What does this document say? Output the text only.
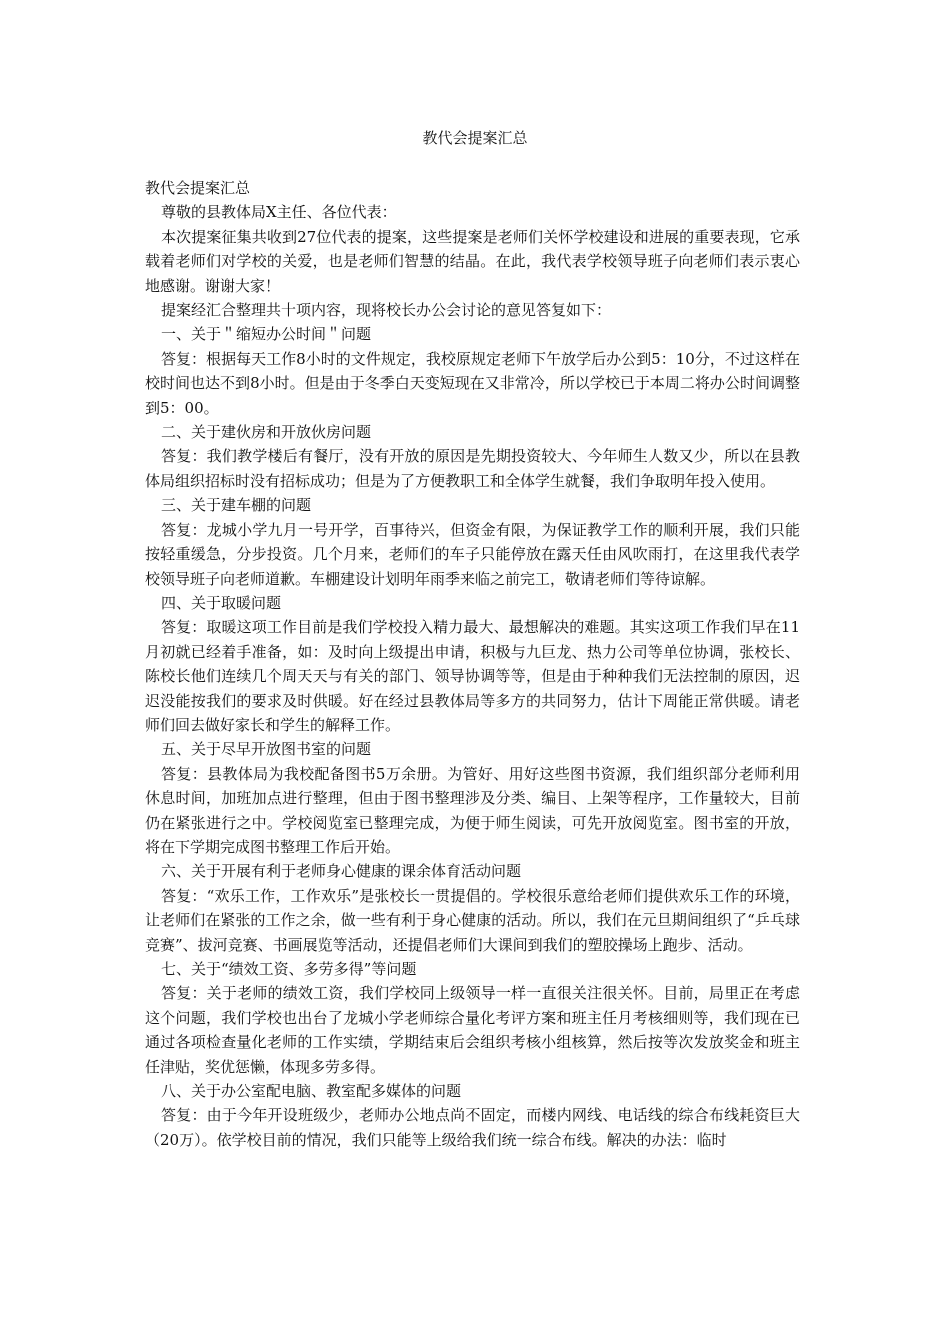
教代会提案汇总

教代会提案汇总

尊敬的县教体局X主任、各位代表：

本次提案征集共收到27位代表的提案，这些提案是老师们关怀学校建设和进展的重要表现，它承载着老师们对学校的关爱，也是老师们智慧的结晶。在此，我代表学校领导班子向老师们表示衷心地感谢。谢谢大家！

提案经汇合整理共十项内容，现将校长办公会讨论的意见答复如下：

一、关于＂缩短办公时间＂问题

答复：根据每天工作8小时的文件规定，我校原规定老师下午放学后办公到5：10分，不过这样在校时间也达不到8小时。但是由于冬季白天变短现在又非常冷，所以学校已于本周二将办公时间调整到5：00。

二、关于建伙房和开放伙房问题

答复：我们教学楼后有餐厅，没有开放的原因是先期投资较大、今年师生人数又少，所以在县教体局组织招标时没有招标成功；但是为了方便教职工和全体学生就餐，我们争取明年投入使用。

三、关于建车棚的问题

答复：龙城小学九月一号开学，百事待兴，但资金有限，为保证教学工作的顺利开展，我们只能按轻重缓急，分步投资。几个月来，老师们的车子只能停放在露天任由风吹雨打，在这里我代表学校领导班子向老师道歉。车棚建设计划明年雨季来临之前完工，敬请老师们等待谅解。

四、关于取暖问题

答复：取暖这项工作目前是我们学校投入精力最大、最想解决的难题。其实这项工作我们早在11月初就已经着手准备，如：及时向上级提出申请，积极与九巨龙、热力公司等单位协调，张校长、陈校长他们连续几个周天天与有关的部门、领导协调等等，但是由于种种我们无法控制的原因，迟迟没能按我们的要求及时供暖。好在经过县教体局等多方的共同努力，估计下周能正常供暖。请老师们回去做好家长和学生的解释工作。

五、关于尽早开放图书室的问题

答复：县教体局为我校配备图书5万余册。为管好、用好这些图书资源，我们组织部分老师利用休息时间，加班加点进行整理，但由于图书整理涉及分类、编目、上架等程序，工作量较大，目前仍在紧张进行之中。学校阅览室已整理完成，为便于师生阅读，可先开放阅览室。图书室的开放，将在下学期完成图书整理工作后开始。

六、关于开展有利于老师身心健康的课余体育活动问题

答复：“欢乐工作，工作欢乐”是张校长一贯提倡的。学校很乐意给老师们提供欢乐工作的环境，让老师们在紧张的工作之余，做一些有利于身心健康的活动。所以，我们在元旦期间组织了“乒乓球竞赛”、拔河竞赛、书画展览等活动，还提倡老师们大课间到我们的塑胶操场上跑步、活动。

七、关于“绩效工资、多劳多得”等问题

答复：关于老师的绩效工资，我们学校同上级领导一样一直很关注很关怀。目前，局里正在考虑这个问题，我们学校也出台了龙城小学老师综合量化考评方案和班主任月考核细则等，我们现在已通过各项检查量化老师的工作实绩，学期结束后会组织考核小组核算，然后按等次发放奖金和班主任津贴，奖优惩懒，体现多劳多得。

八、关于办公室配电脑、教室配多媒体的问题

答复：由于今年开设班级少，老师办公地点尚不固定，而楼内网线、电话线的综合布线耗资巨大（20万）。依学校目前的情况，我们只能等上级给我们统一综合布线。解决的办法：临时
